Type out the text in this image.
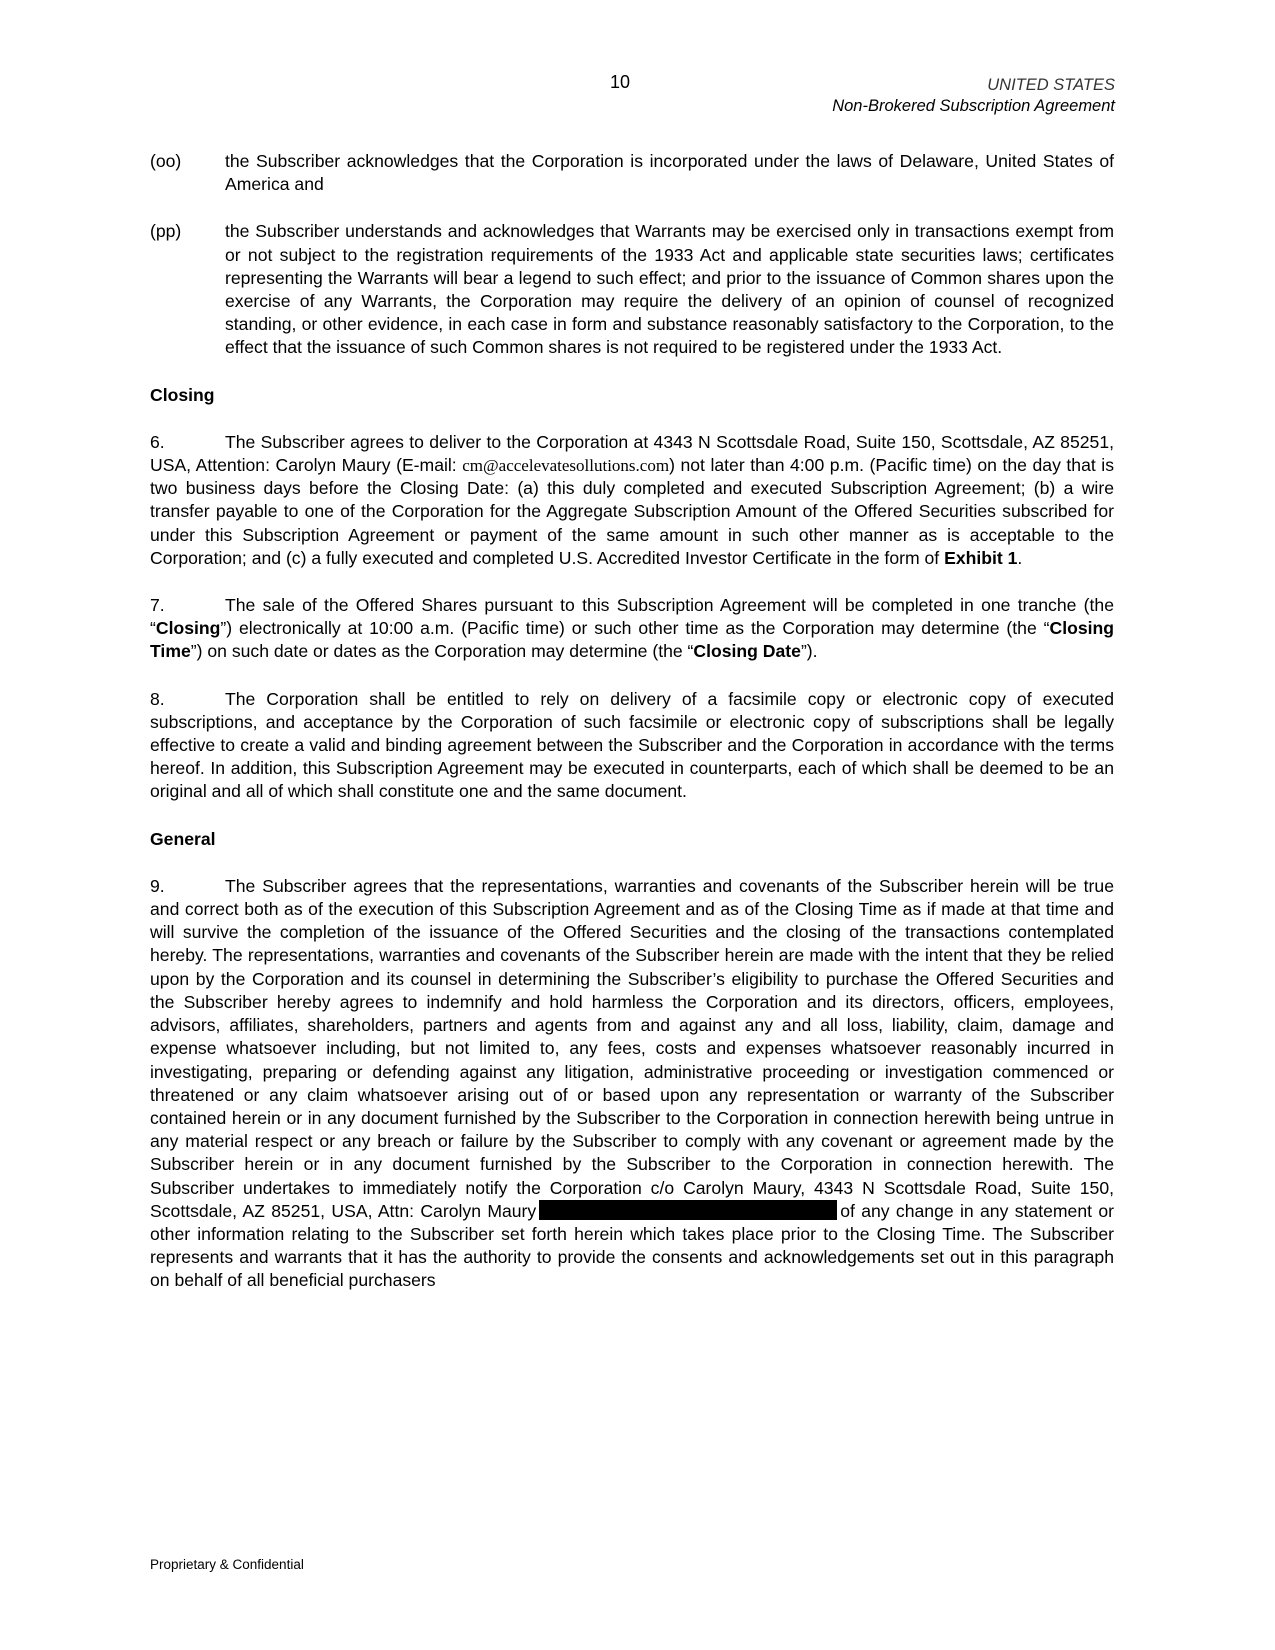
10	UNITED STATES
Non-Brokered Subscription Agreement
(oo)	the Subscriber acknowledges that the Corporation is incorporated under the laws of Delaware, United States of America and
(pp)	the Subscriber understands and acknowledges that Warrants may be exercised only in transactions exempt from or not subject to the registration requirements of the 1933 Act and applicable state securities laws; certificates representing the Warrants will bear a legend to such effect; and prior to the issuance of Common shares upon the exercise of any Warrants, the Corporation may require the delivery of an opinion of counsel of recognized standing, or other evidence, in each case in form and substance reasonably satisfactory to the Corporation, to the effect that the issuance of such Common shares is not required to be registered under the 1933 Act.
Closing

6.	The Subscriber agrees to deliver to the Corporation at 4343 N Scottsdale Road, Suite 150, Scottsdale, AZ 85251, USA, Attention: Carolyn Maury (E-mail: cm@accelevatesollutions.com) not later than 4:00 p.m. (Pacific time) on the day that is two business days before the Closing Date: (a) this duly completed and executed Subscription Agreement; (b) a wire transfer payable to one of the Corporation for the Aggregate Subscription Amount of the Offered Securities subscribed for under this Subscription Agreement or payment of the same amount in such other manner as is acceptable to the Corporation; and (c) a fully executed and completed U.S. Accredited Investor Certificate in the form of Exhibit 1.

7.	The sale of the Offered Shares pursuant to this Subscription Agreement will be completed in one tranche (the “Closing”) electronically at 10:00 a.m. (Pacific time) or such other time as the Corporation may determine (the “Closing Time”) on such date or dates as the Corporation may determine (the “Closing Date”).

8.	The Corporation shall be entitled to rely on delivery of a facsimile copy or electronic copy of executed subscriptions, and acceptance by the Corporation of such facsimile or electronic copy of subscriptions shall be legally effective to create a valid and binding agreement between the Subscriber and the Corporation in accordance with the terms hereof. In addition, this Subscription Agreement may be executed in counterparts, each of which shall be deemed to be an original and all of which shall constitute one and the same document.

General

9.	The Subscriber agrees that the representations, warranties and covenants of the Subscriber herein will be true and correct both as of the execution of this Subscription Agreement and as of the Closing Time as if made at that time and will survive the completion of the issuance of the Offered Securities and the closing of the transactions contemplated hereby. The representations, warranties and covenants of the Subscriber herein are made with the intent that they be relied upon by the Corporation and its counsel in determining the Subscriber’s eligibility to purchase the Offered Securities and the Subscriber hereby agrees to indemnify and hold harmless the Corporation and its directors, officers, employees, advisors, affiliates, shareholders, partners and agents from and against any and all loss, liability, claim, damage and expense whatsoever including, but not limited to, any fees, costs and expenses whatsoever reasonably incurred in investigating, preparing or defending against any litigation, administrative proceeding or investigation commenced or threatened or any claim whatsoever arising out of or based upon any representation or warranty of the Subscriber contained herein or in any document furnished by the Subscriber to the Corporation in connection herewith being untrue in any material respect or any breach or failure by the Subscriber to comply with any covenant or agreement made by the Subscriber herein or in any document furnished by the Subscriber to the Corporation in connection herewith. The Subscriber undertakes to immediately notify the Corporation c/o Carolyn Maury, 4343 N Scottsdale Road, Suite 150, Scottsdale, AZ 85251, USA, Attn: Carolyn Maury	of any change in any statement or other information relating to the Subscriber set forth herein which takes place prior to the Closing Time. The Subscriber represents and warrants that it has the authority to provide the consents and acknowledgements set out in this paragraph on behalf of all beneficial purchasers

Proprietary & Confidential
